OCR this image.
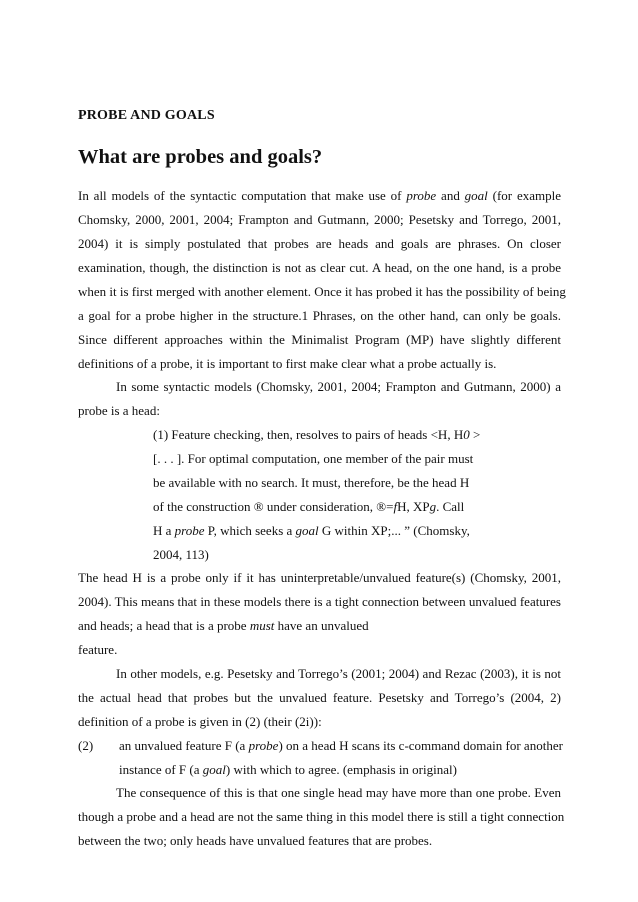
PROBE AND GOALS
What are probes and goals?
In all models of the syntactic computation that make use of probe and goal (for example
Chomsky, 2000, 2001, 2004; Frampton and Gutmann, 2000; Pesetsky and Torrego, 2001,
2004) it is simply postulated that probes are heads and goals are phrases. On closer
examination, though, the distinction is not as clear cut. A head, on the one hand, is a probe
when it is first merged with another element. Once it has probed it has the possibility of being
a goal for a probe higher in the structure.1 Phrases, on the other hand, can only be goals.
Since different approaches within the Minimalist Program (MP) have slightly different
definitions of a probe, it is important to first make clear what a probe actually is.
In some syntactic models (Chomsky, 2001, 2004; Frampton and Gutmann, 2000) a
probe is a head:
(1) Feature checking, then, resolves to pairs of heads <H, H0 >
[. . . ]. For optimal computation, one member of the pair must
be available with no search. It must, therefore, be the head H
of the construction ® under consideration, ®=fH, XPg. Call
H a probe P, which seeks a goal G within XP;... ” (Chomsky,
2004, 113)
The head H is a probe only if it has uninterpretable/unvalued feature(s) (Chomsky, 2001,
2004). This means that in these models there is a tight connection between unvalued features
and heads; a head that is a probe must have an unvalued
feature.
In other models, e.g. Pesetsky and Torrego’s (2001; 2004) and Rezac (2003), it is not
the actual head that probes but the unvalued feature. Pesetsky and Torrego’s (2004, 2)
definition of a probe is given in (2) (their (2i)):
(2)	an unvalued feature F (a probe) on a head H scans its c-command domain for another
instance of F (a goal) with which to agree. (emphasis in original)
The consequence of this is that one single head may have more than one probe. Even
though a probe and a head are not the same thing in this model there is still a tight connection
between the two; only heads have unvalued features that are probes.
